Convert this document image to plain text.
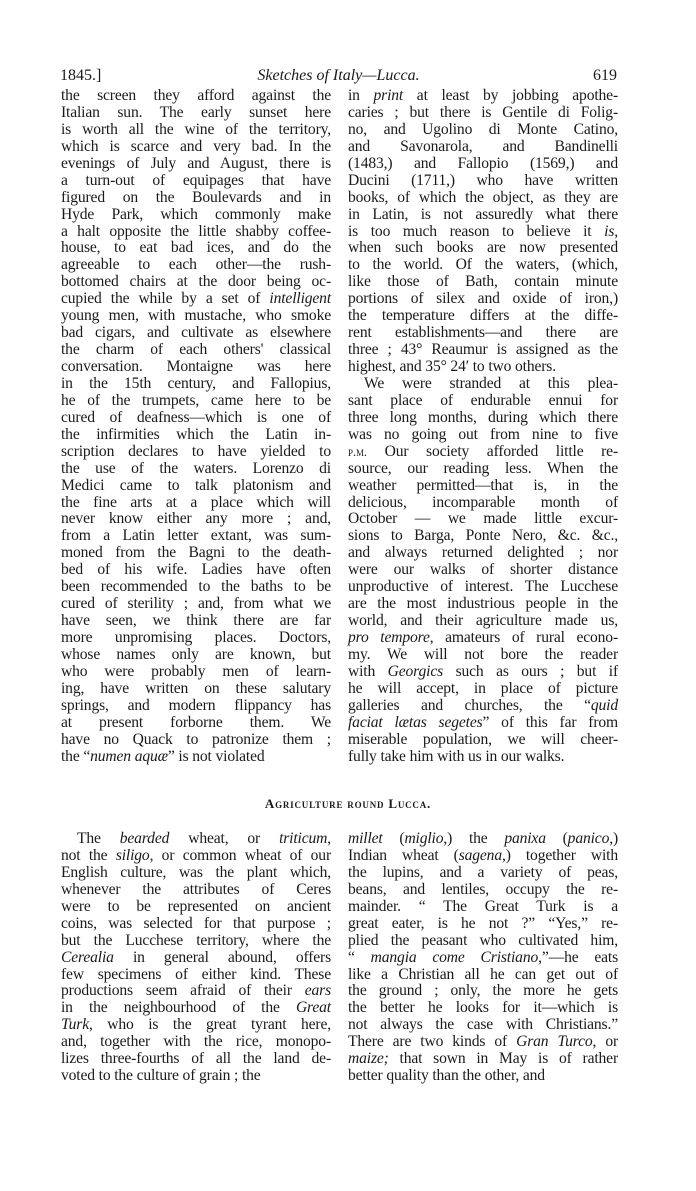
1845.]	Sketches of Italy—Lucca.	619
the screen they afford against the
Italian sun. The early sunset here
is worth all the wine of the territory,
which is scarce and very bad. In the
evenings of July and August, there is
a turn-out of equipages that have
figured on the Boulevards and in
Hyde Park, which commonly make
a halt opposite the little shabby coffee-
house, to eat bad ices, and do the
agreeable to each other—the rush-
bottomed chairs at the door being oc-
cupied the while by a set of intelligent
young men, with mustache, who smoke
bad cigars, and cultivate as elsewhere
the charm of each others' classical
conversation. Montaigne was here
in the 15th century, and Fallopius,
he of the trumpets, came here to be
cured of deafness—which is one of
the infirmities which the Latin in-
scription declares to have yielded to
the use of the waters. Lorenzo di
Medici came to talk platonism and
the fine arts at a place which will
never know either any more ; and,
from a Latin letter extant, was sum-
moned from the Bagni to the death-
bed of his wife. Ladies have often
been recommended to the baths to be
cured of sterility ; and, from what we
have seen, we think there are far
more unpromising places. Doctors,
whose names only are known, but
who were probably men of learn-
ing, have written on these salutary
springs, and modern flippancy has
at present forborne them. We
have no Quack to patronize them ;
the “numen aquæ” is not violated
in print at least by jobbing apothe-
caries ; but there is Gentile di Folig-
no, and Ugolino di Monte Catino,
and Savonarola, and Bandinelli
(1483,) and Fallopio (1569,) and
Ducini (1711,) who have written
books, of which the object, as they are
in Latin, is not assuredly what there
is too much reason to believe it is,
when such books are now presented
to the world. Of the waters, (which,
like those of Bath, contain minute
portions of silex and oxide of iron,)
the temperature differs at the diffe-
rent establishments—and there are
three ; 43° Reaumur is assigned as the
highest, and 35° 24′ to two others.
We were stranded at this plea-
sant place of endurable ennui for
three long months, during which there
was no going out from nine to five
p.m. Our society afforded little re-
source, our reading less. When the
weather permitted—that is, in the
delicious, incomparable month of
October — we made little excur-
sions to Barga, Ponte Nero, &c. &c.,
and always returned delighted ; nor
were our walks of shorter distance
unproductive of interest. The Lucchese
are the most industrious people in the
world, and their agriculture made us,
pro tempore, amateurs of rural econo-
my. We will not bore the reader
with Georgics such as ours ; but if
he will accept, in place of picture
galleries and churches, the “quid
faciat lætas segetes” of this far from
miserable population, we will cheer-
fully take him with us in our walks.
Agriculture round Lucca.
The bearded wheat, or triticum,
not the siligo, or common wheat of our
English culture, was the plant which,
whenever the attributes of Ceres
were to be represented on ancient
coins, was selected for that purpose ;
but the Lucchese territory, where the
Cerealia in general abound, offers
few specimens of either kind. These
productions seem afraid of their ears
in the neighbourhood of the Great
Turk, who is the great tyrant here,
and, together with the rice, monopo-
lizes three-fourths of all the land de-
voted to the culture of grain ; the
millet (miglio,) the panixa (panico,)
Indian wheat (sagena,) together with
the lupins, and a variety of peas,
beans, and lentiles, occupy the re-
mainder. “ The Great Turk is a
great eater, is he not ?” “Yes,” re-
plied the peasant who cultivated him,
“ mangia come Cristiano,”—he eats
like a Christian all he can get out of
the ground ; only, the more he gets
the better he looks for it—which is
not always the case with Christians.”
There are two kinds of Gran Turco, or
maize; that sown in May is of rather
better quality than the other, and
